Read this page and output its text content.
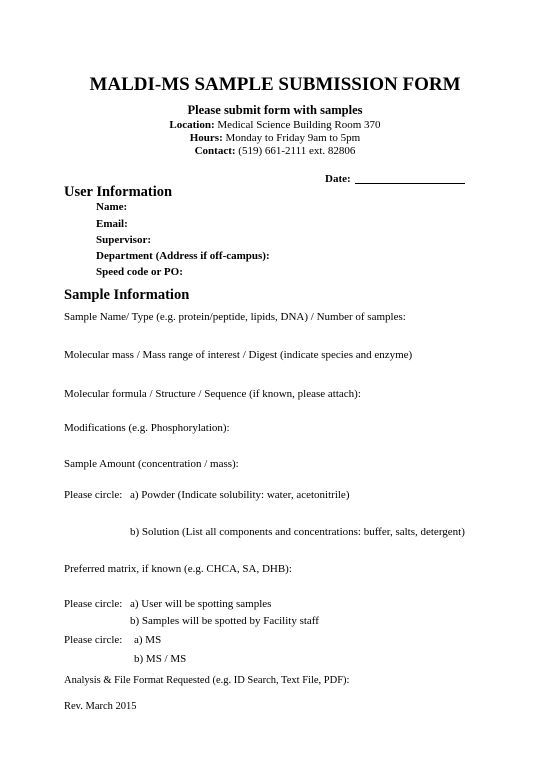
MALDI-MS SAMPLE SUBMISSION FORM
Please submit form with samples
Location: Medical Science Building Room 370
Hours: Monday to Friday 9am to 5pm
Contact: (519) 661-2111 ext. 82806
Date:
User Information
Name:
Email:
Supervisor:
Department (Address if off-campus):
Speed code or PO:
Sample Information
Sample Name/ Type (e.g. protein/peptide, lipids, DNA) / Number of samples:
Molecular mass / Mass range of interest / Digest (indicate species and enzyme)
Molecular formula / Structure / Sequence (if known, please attach):
Modifications (e.g. Phosphorylation):
Sample Amount (concentration / mass):
Please circle: a) Powder (Indicate solubility: water, acetonitrile)
b) Solution (List all components and concentrations: buffer, salts, detergent)
Preferred matrix, if known (e.g. CHCA, SA, DHB):
Please circle: a) User will be spotting samples
b) Samples will be spotted by Facility staff
Please circle: a) MS
b) MS / MS
Analysis & File Format Requested (e.g. ID Search, Text File, PDF):
Rev. March 2015
